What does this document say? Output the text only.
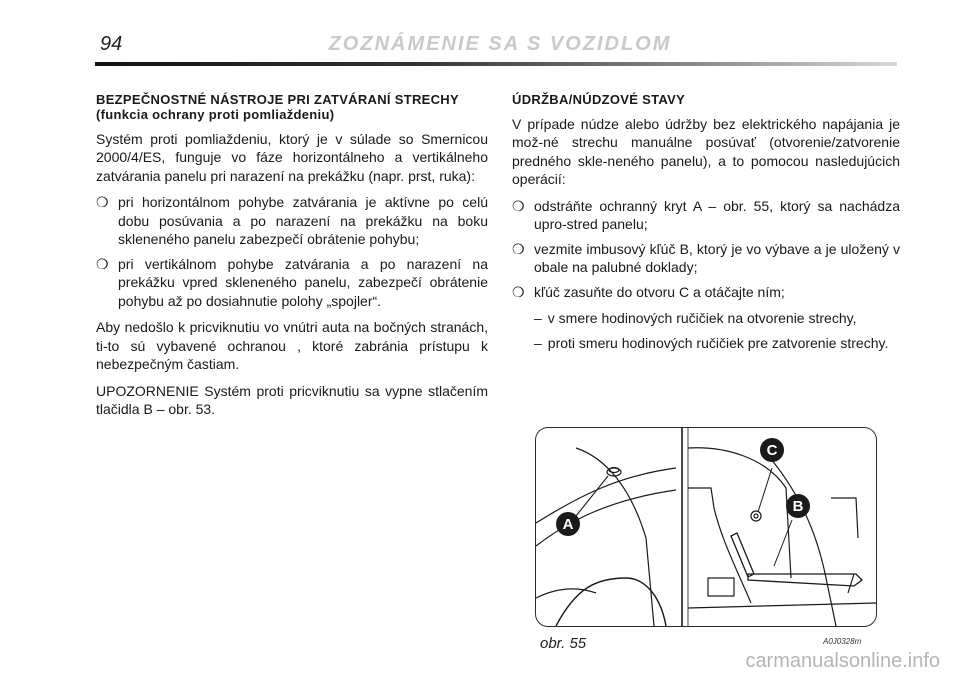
94	ZOZNÁMENIE SA S VOZIDLOM
BEZPEČNOSTNÉ NÁSTROJE PRI ZATVÁRANÍ STRECHY
(funkcia ochrany proti pomliaždeniu)

Systém proti pomliaždeniu, ktorý je v súlade so Smernicou 2000/4/ES, funguje vo fáze horizontálneho a vertikálneho zatvárania panelu pri narazení na prekážku (napr. prst, ruka):

❍ pri horizontálnom pohybe zatvárania je aktívne po celú dobu posúvania a po narazení na prekážku na boku skleneného panelu zabezpečí obrátenie pohybu;
❍ pri vertikálnom pohybe zatvárania a po narazení na prekážku vpred skleneného panelu, zabezpečí obrátenie pohybu až po dosiahnutie polohy „spojler“.

Aby nedošlo k pricviknutiu vo vnútri auta na bočných stranách, ti-to sú vybavené ochranou , ktoré zabránia prístupu k nebezpečným častiam.

UPOZORNENIE Systém proti pricviknutiu sa vypne stlačením tlačidla B – obr. 53.

ÚDRŽBA/NÚDZOVÉ STAVY

V prípade núdze alebo údržby bez elektrického napájania je mož-né strechu manuálne posúvať (otvorenie/zatvorenie predného skle-neného panelu), a to pomocou nasledujúcich operácií:

❍ odstráňte ochranný kryt A – obr. 55, ktorý sa nachádza upro-stred panelu;
❍ vezmite imbusový kľúč B, ktorý je vo výbave a je uložený v obale na palubné doklady;
❍ kľúč zasuňte do otvoru C a otáčajte ním;
– v smere hodinových ručičiek na otvorenie strechy,
– proti smeru hodinových ručičiek pre zatvorenie strechy.
A
C
B
obr. 55	A0J0328m
carmanualsonline.info
